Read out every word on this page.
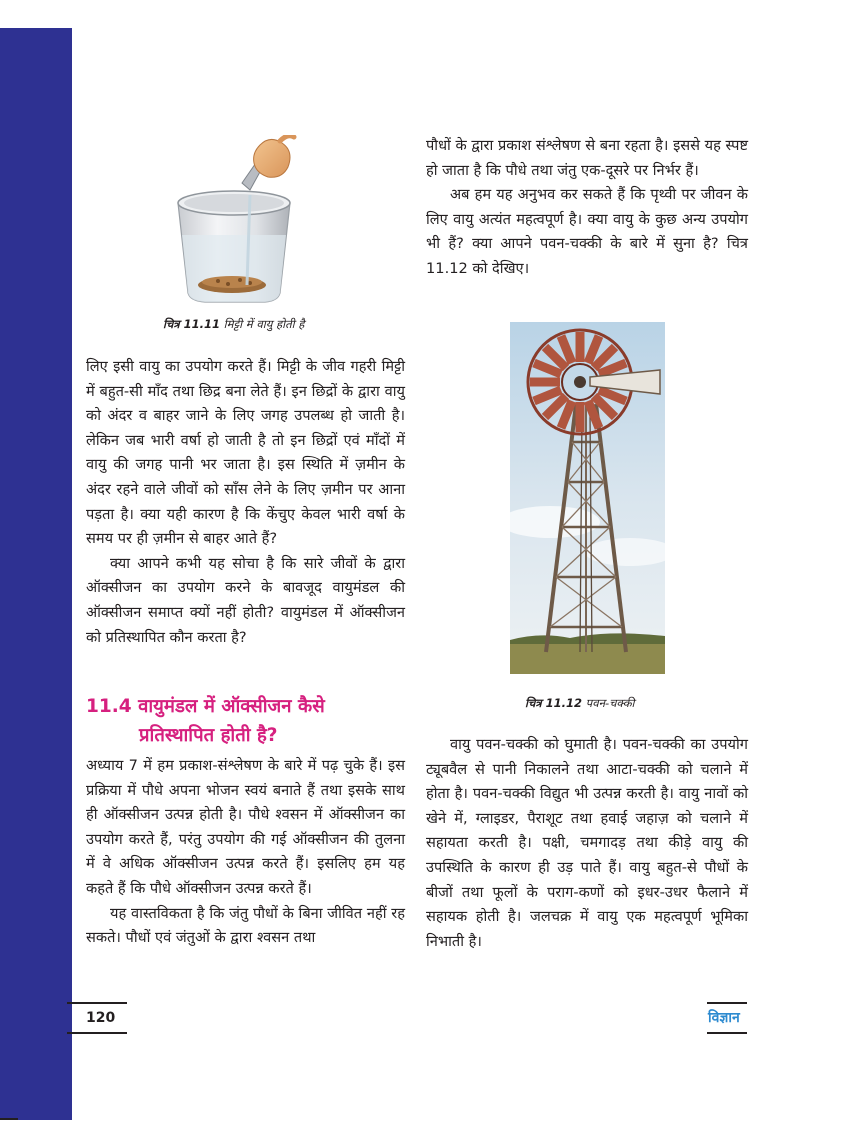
चित्र 11.11 मिट्टी में वायु होती है

लिए इसी वायु का उपयोग करते हैं। मिट्टी के जीव गहरी मिट्टी में बहुत-सी माँद तथा छिद्र बना लेते हैं। इन छिद्रों के द्वारा वायु को अंदर व बाहर जाने के लिए जगह उपलब्ध हो जाती है। लेकिन जब भारी वर्षा हो जाती है तो इन छिद्रों एवं माँदों में वायु की जगह पानी भर जाता है। इस स्थिति में ज़मीन के अंदर रहने वाले जीवों को साँस लेने के लिए ज़मीन पर आना पड़ता है। क्या यही कारण है कि केंचुए केवल भारी वर्षा के समय पर ही ज़मीन से बाहर आते हैं?

क्या आपने कभी यह सोचा है कि सारे जीवों के द्वारा ऑक्सीजन का उपयोग करने के बावजूद वायुमंडल की ऑक्सीजन समाप्त क्यों नहीं होती? वायुमंडल में ऑक्सीजन को प्रतिस्थापित कौन करता है?

11.4 वायुमंडल में ऑक्सीजन कैसे
प्रतिस्थापित होती है?

अध्याय 7 में हम प्रकाश-संश्लेषण के बारे में पढ़ चुके हैं। इस प्रक्रिया में पौधे अपना भोजन स्वयं बनाते हैं तथा इसके साथ ही ऑक्सीजन उत्पन्न होती है। पौधे श्वसन में ऑक्सीजन का उपयोग करते हैं, परंतु उपयोग की गई ऑक्सीजन की तुलना में वे अधिक ऑक्सीजन उत्पन्न करते हैं। इसलिए हम यह कहते हैं कि पौधे ऑक्सीजन उत्पन्न करते हैं।

यह वास्तविकता है कि जंतु पौधों के बिना जीवित नहीं रह सकते। पौधों एवं जंतुओं के द्वारा श्वसन तथा

पौधों के द्वारा प्रकाश संश्लेषण से बना रहता है। इससे यह स्पष्ट हो जाता है कि पौधे तथा जंतु एक-दूसरे पर निर्भर हैं।

अब हम यह अनुभव कर सकते हैं कि पृथ्वी पर जीवन के लिए वायु अत्यंत महत्वपूर्ण है। क्या वायु के कुछ अन्य उपयोग भी हैं? क्या आपने पवन-चक्की के बारे में सुना है? चित्र 11.12 को देखिए।

चित्र 11.12 पवन-चक्की

वायु पवन-चक्की को घुमाती है। पवन-चक्की का उपयोग ट्यूबवैल से पानी निकालने तथा आटा-चक्की को चलाने में होता है। पवन-चक्की विद्युत भी उत्पन्न करती है। वायु नावों को खेने में, ग्लाइडर, पैराशूट तथा हवाई जहाज़ को चलाने में सहायता करती है। पक्षी, चमगादड़ तथा कीड़े वायु की उपस्थिति के कारण ही उड़ पाते हैं। वायु बहुत-से पौधों के बीजों तथा फूलों के पराग-कणों को इधर-उधर फैलाने में सहायक होती है। जलचक्र में वायु एक महत्वपूर्ण भूमिका निभाती है।

120	विज्ञान
